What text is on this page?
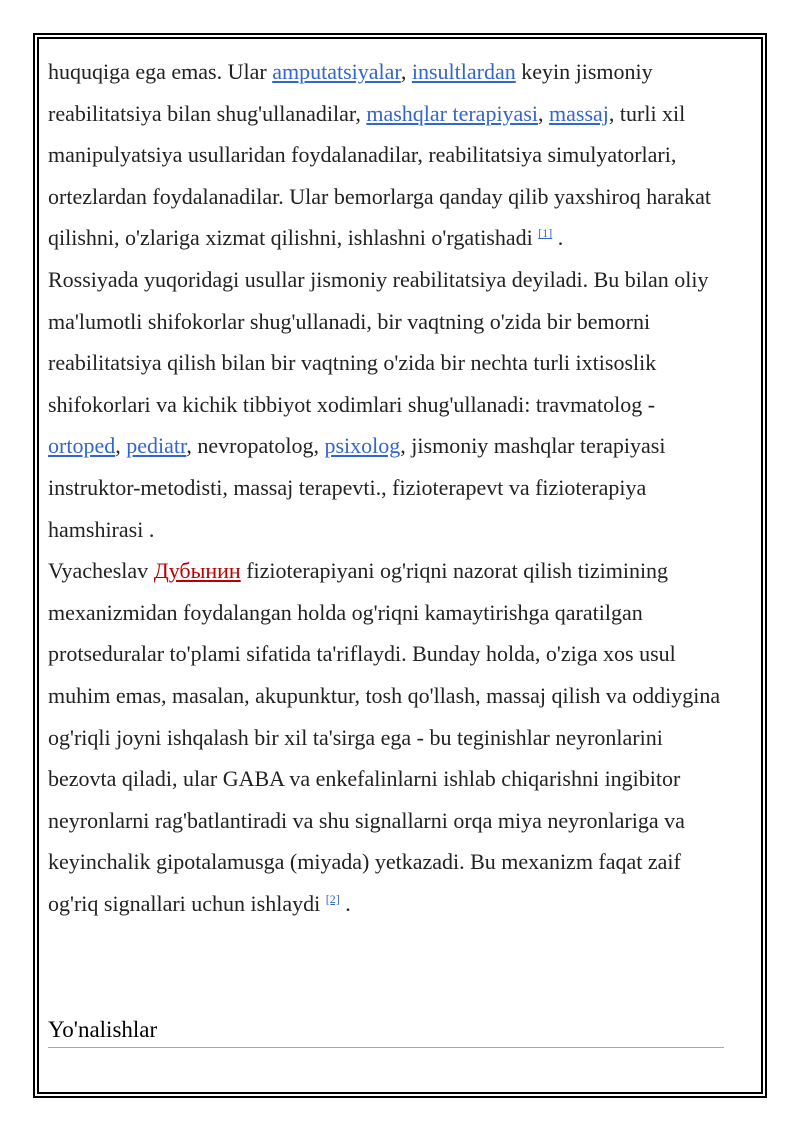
huquqiga ega emas. Ular amputatsiyalar, insultlardan keyin jismoniy reabilitatsiya bilan shug'ullanadilar, mashqlar terapiyasi, massaj, turli xil manipulyatsiya usullaridan foydalanadilar, reabilitatsiya simulyatorlari, ortezlardan foydalanadilar. Ular bemorlarga qanday qilib yaxshiroq harakat qilishni, o'zlariga xizmat qilishni, ishlashni o'rgatishadi [1] .

Rossiyada yuqoridagi usullar jismoniy reabilitatsiya deyiladi. Bu bilan oliy ma'lumotli shifokorlar shug'ullanadi, bir vaqtning o'zida bir bemorni reabilitatsiya qilish bilan bir vaqtning o'zida bir nechta turli ixtisoslik shifokorlari va kichik tibbiyot xodimlari shug'ullanadi: travmatolog - ortoped, pediatr, nevropatolog, psixolog, jismoniy mashqlar terapiyasi instruktor-metodisti, massaj terapevti., fizioterapevt va fizioterapiya hamshirasi .

Vyacheslav Дубынин fizioterapiyani og'riqni nazorat qilish tizimining mexanizmidan foydalangan holda og'riqni kamaytirishga qaratilgan protseduralar to'plami sifatida ta'riflaydi. Bunday holda, o'ziga xos usul muhim emas, masalan, akupunktur, tosh qo'llash, massaj qilish va oddiygina og'riqli joyni ishqalash bir xil ta'sirga ega - bu teginishlar neyronlarini bezovta qiladi, ular GABA va enkefalinlarni ishlab chiqarishni ingibitor neyronlarni rag'batlantiradi va shu signallarni orqa miya neyronlariga va keyinchalik gipotalamusga (miyada) yetkazadi. Bu mexanizm faqat zaif og'riq signallari uchun ishlaydi [2] .

Yo'nalishlar
